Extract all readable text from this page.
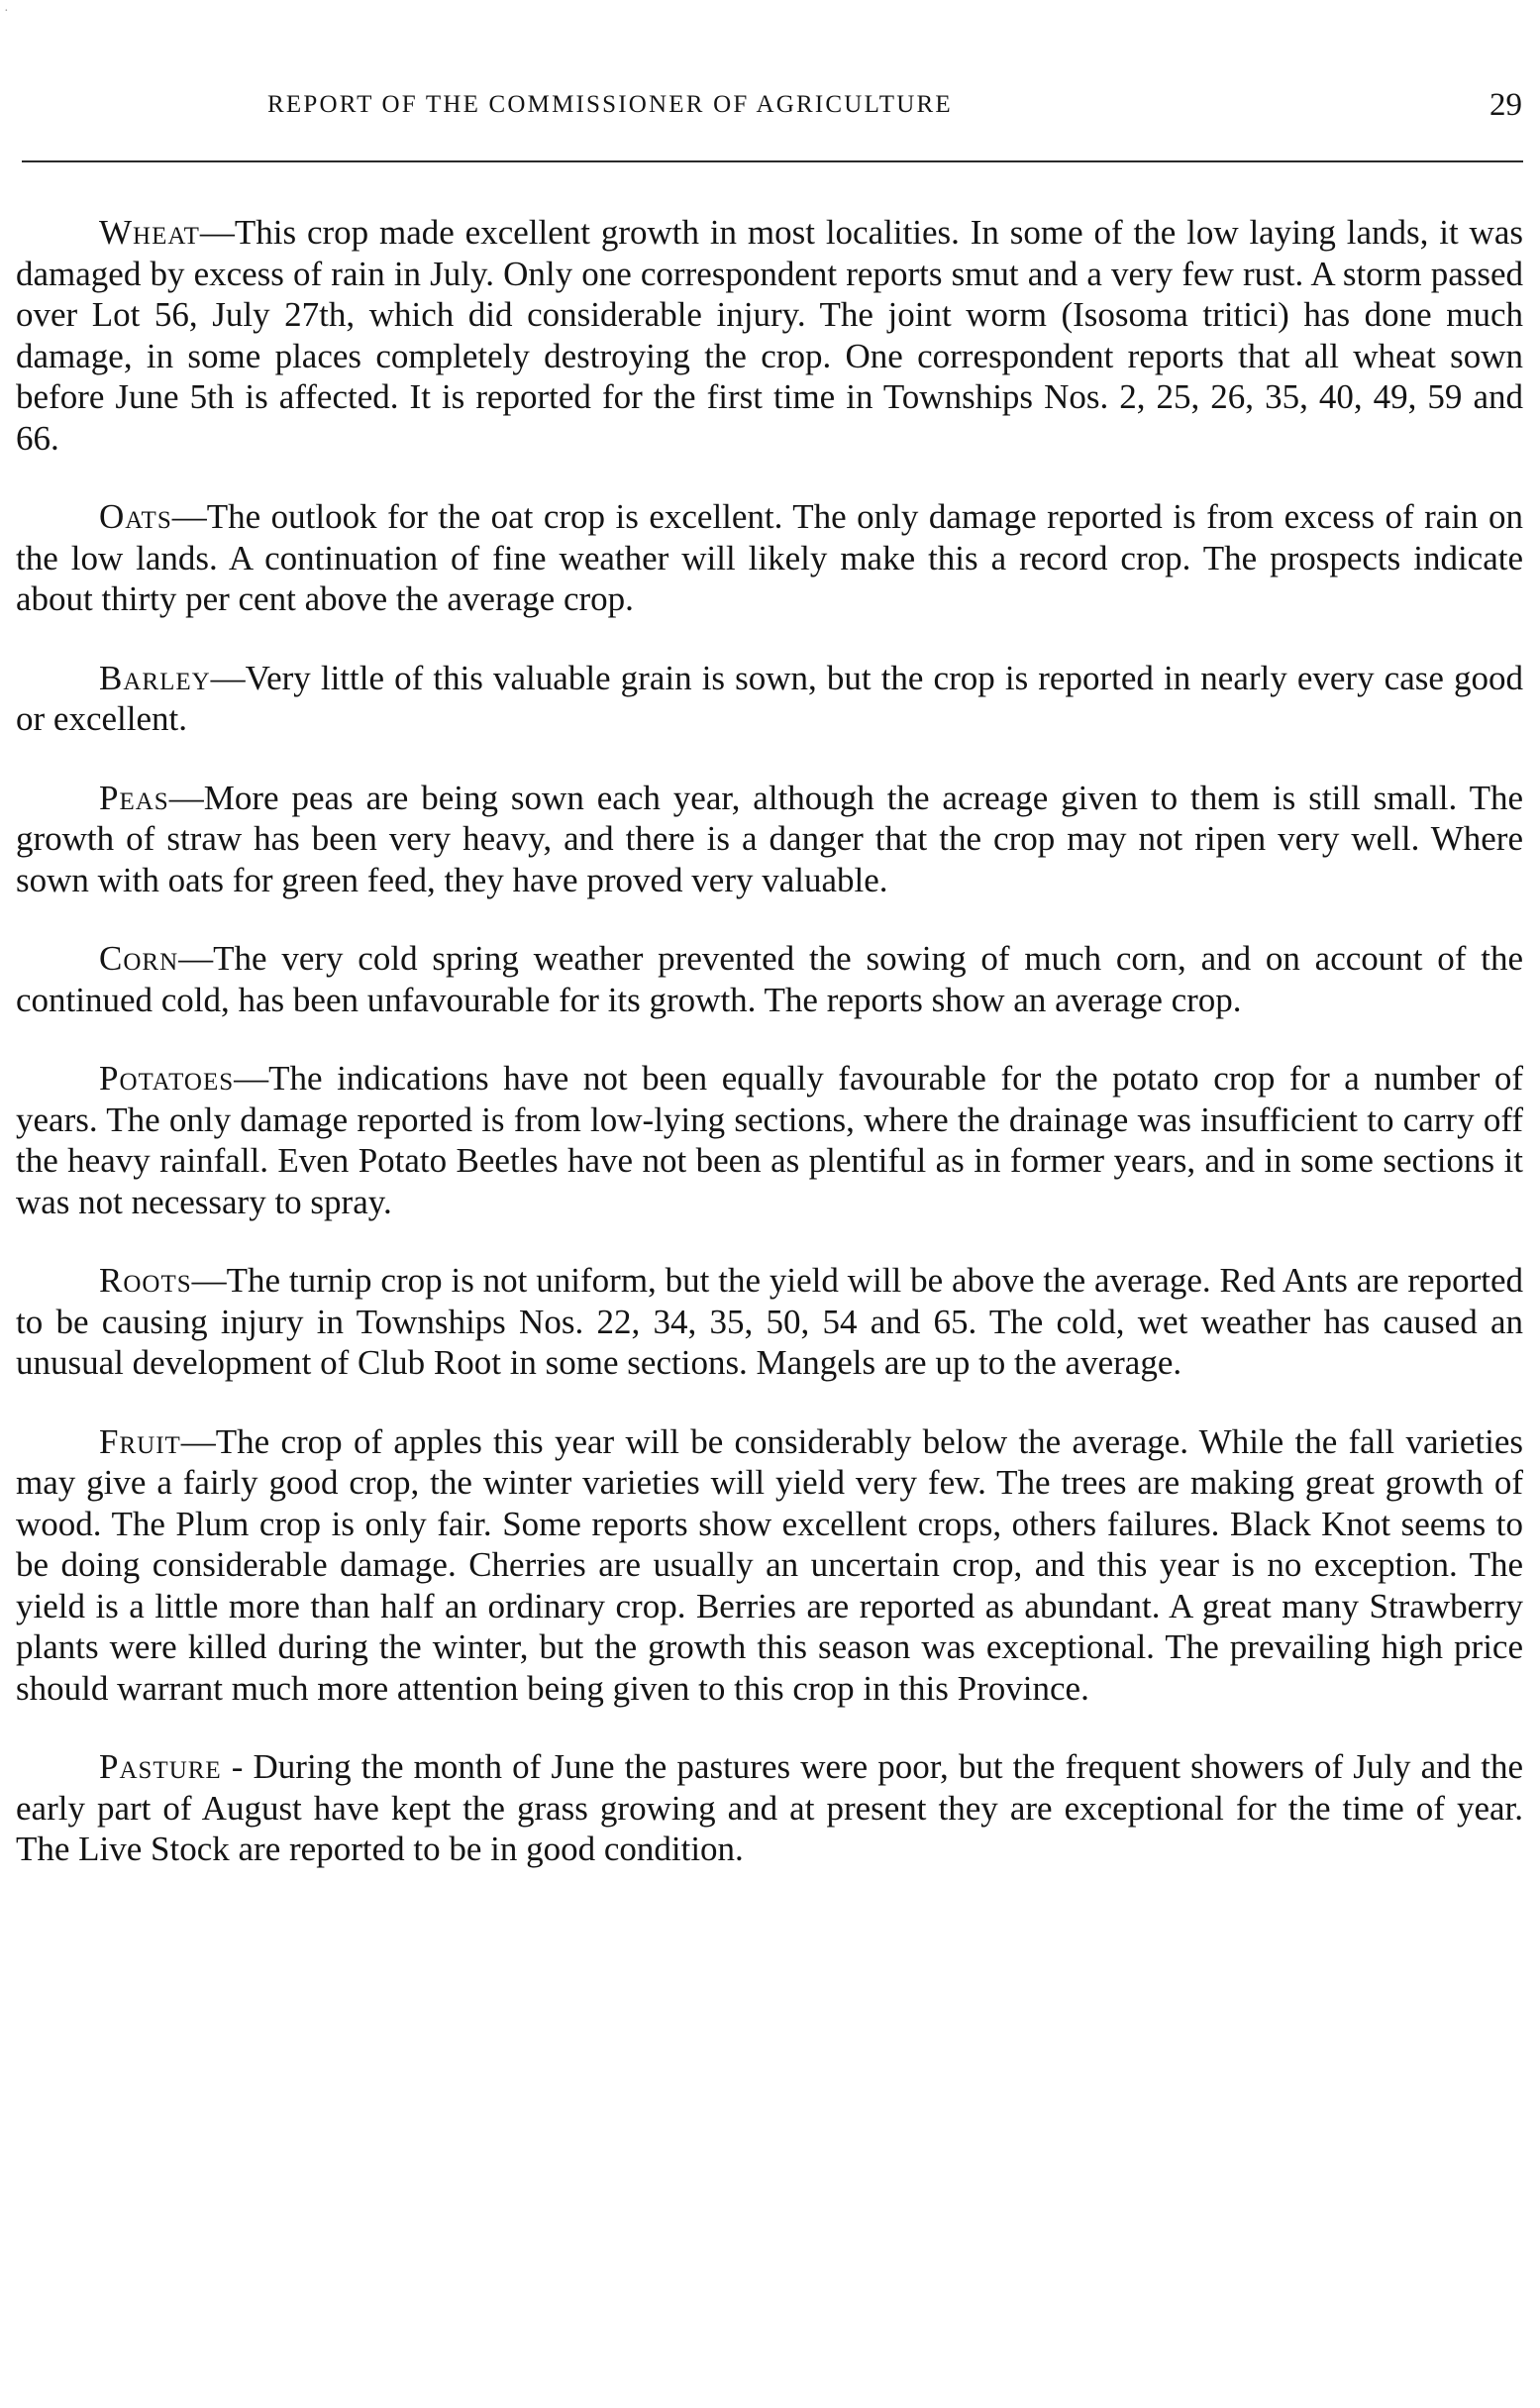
·
REPORT OF THE COMMISSIONER OF AGRICULTURE	29

Wheat—This crop made excellent growth in most localities. In some of the low laying lands, it was damaged by excess of rain in July. Only one correspondent reports smut and a very few rust. A storm passed over Lot 56, July 27th, which did considerable injury. The joint worm (Isosoma tritici) has done much damage, in some places completely destroying the crop. One correspondent reports that all wheat sown before June 5th is affected. It is reported for the first time in Townships Nos. 2, 25, 26, 35, 40, 49, 59 and 66.

Oats—The outlook for the oat crop is excellent. The only damage reported is from excess of rain on the low lands. A continuation of fine weather will likely make this a record crop. The prospects indicate about thirty per cent above the average crop.

Barley—Very little of this valuable grain is sown, but the crop is reported in nearly every case good or excellent.

Peas—More peas are being sown each year, although the acreage given to them is still small. The growth of straw has been very heavy, and there is a danger that the crop may not ripen very well. Where sown with oats for green feed, they have proved very valuable.

Corn—The very cold spring weather prevented the sowing of much corn, and on account of the continued cold, has been unfavourable for its growth. The reports show an average crop.

Potatoes—The indications have not been equally favourable for the potato crop for a number of years. The only damage reported is from low-lying sections, where the drainage was insufficient to carry off the heavy rainfall. Even Potato Beetles have not been as plentiful as in former years, and in some sections it was not necessary to spray.

Roots—The turnip crop is not uniform, but the yield will be above the average. Red Ants are reported to be causing injury in Townships Nos. 22, 34, 35, 50, 54 and 65. The cold, wet weather has caused an unusual development of Club Root in some sections. Mangels are up to the average.

Fruit—The crop of apples this year will be considerably below the average. While the fall varieties may give a fairly good crop, the winter varieties will yield very few. The trees are making great growth of wood. The Plum crop is only fair. Some reports show excellent crops, others failures. Black Knot seems to be doing considerable damage. Cherries are usually an uncertain crop, and this year is no exception. The yield is a little more than half an ordinary crop. Berries are reported as abundant. A great many Strawberry plants were killed during the winter, but the growth this season was exceptional. The prevailing high price should warrant much more attention being given to this crop in this Province.

Pasture - During the month of June the pastures were poor, but the frequent showers of July and the early part of August have kept the grass growing and at present they are exceptional for the time of year. The Live Stock are reported to be in good condition.
